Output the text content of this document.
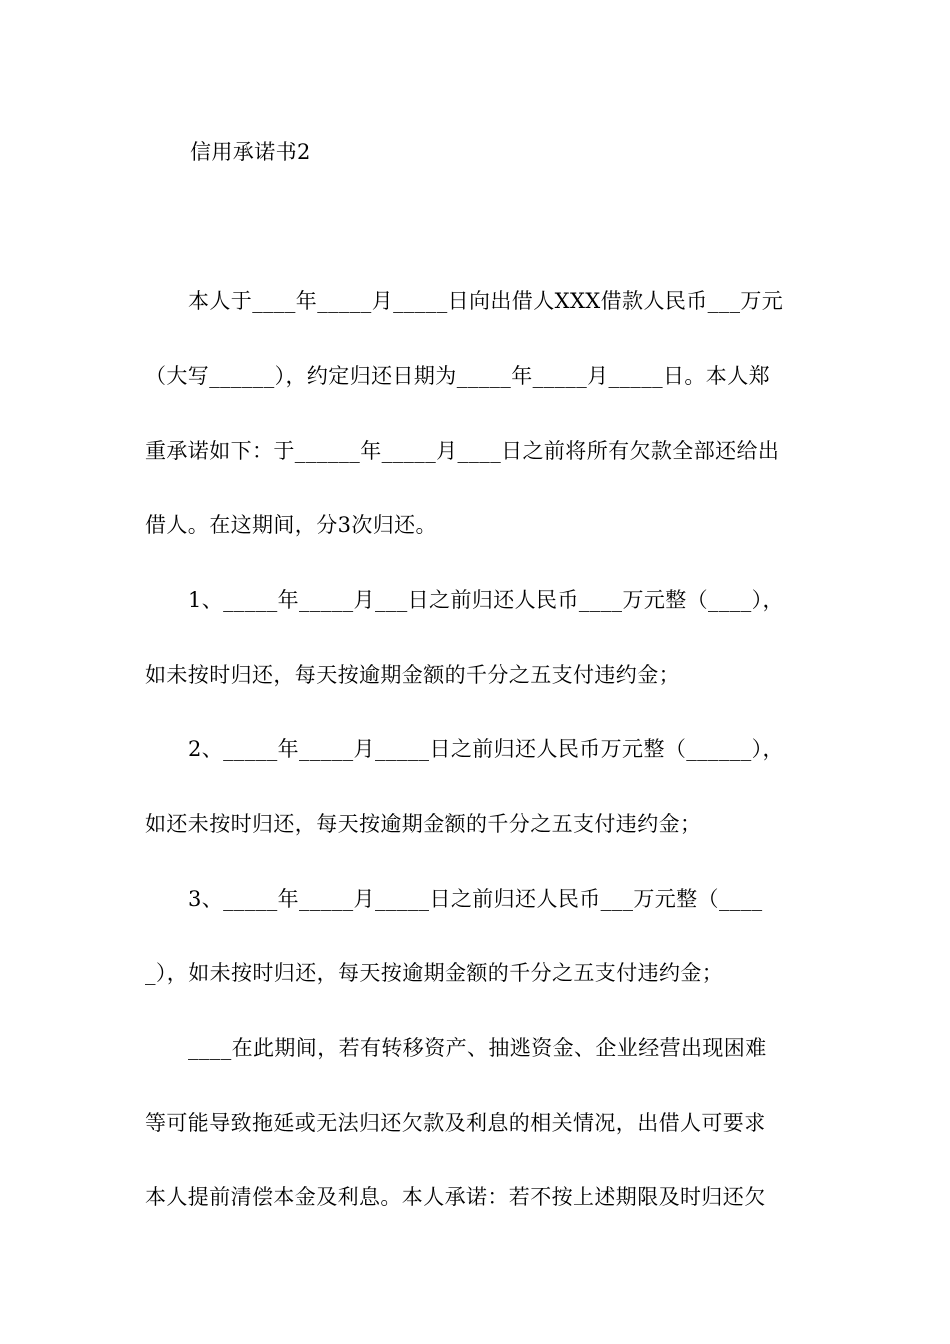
信用承诺书2
本人于____年_____月_____日向出借人XXX借款人民币___万元
（大写______），约定归还日期为_____年_____月_____日。本人郑
重承诺如下：于______年_____月____日之前将所有欠款全部还给出
借人。在这期间，分3次归还。
1、_____年_____月___日之前归还人民币____万元整（____），
如未按时归还，每天按逾期金额的千分之五支付违约金；
2、_____年_____月_____日之前归还人民币万元整（______），
如还未按时归还，每天按逾期金额的千分之五支付违约金；
3、_____年_____月_____日之前归还人民币___万元整（____
_），如未按时归还，每天按逾期金额的千分之五支付违约金；
____在此期间，若有转移资产、抽逃资金、企业经营出现困难
等可能导致拖延或无法归还欠款及利息的相关情况，出借人可要求
本人提前清偿本金及利息。本人承诺：若不按上述期限及时归还欠
